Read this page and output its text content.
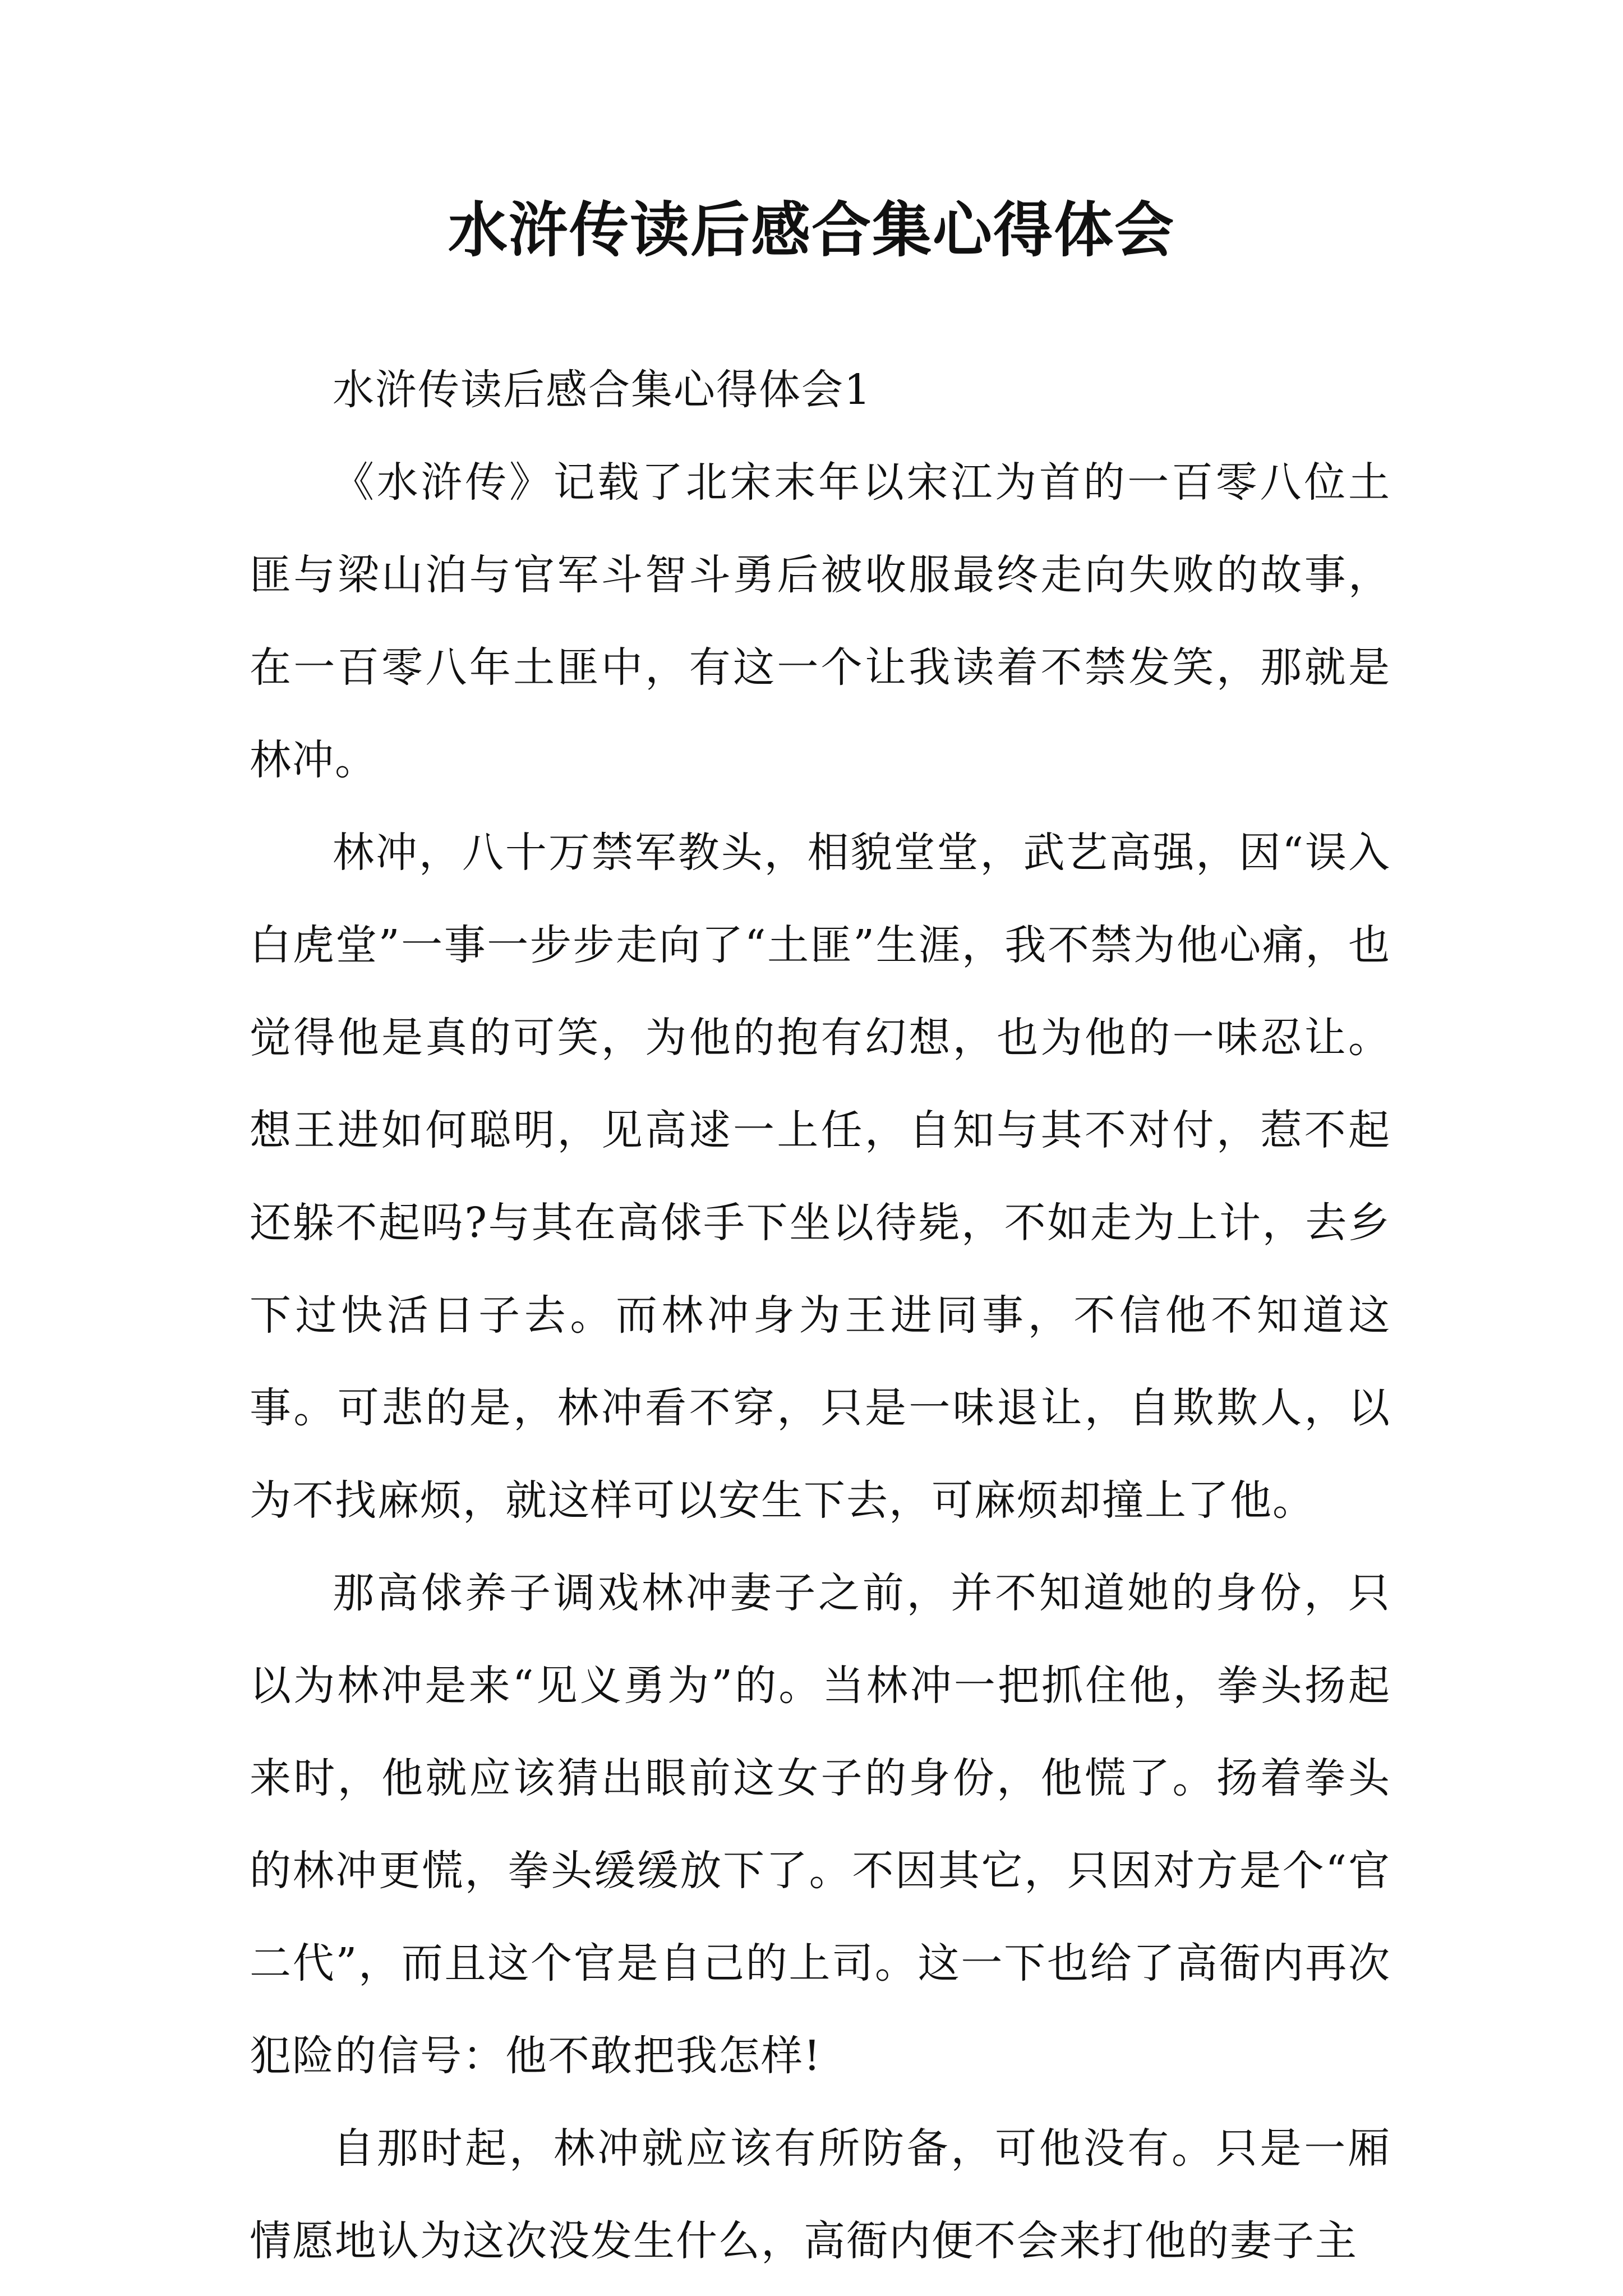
水浒传读后感合集心得体会

水浒传读后感合集心得体会1

《水浒传》记载了北宋末年以宋江为首的一百零八位土匪与梁山泊与官军斗智斗勇后被收服最终走向失败的故事，在一百零八年土匪中，有这一个让我读着不禁发笑，那就是林冲。

林冲，八十万禁军教头，相貌堂堂，武艺高强，因“误入白虎堂”一事一步步走向了“土匪”生涯，我不禁为他心痛，也觉得他是真的可笑，为他的抱有幻想，也为他的一味忍让。想王进如何聪明，见高逑一上任，自知与其不对付，惹不起还躲不起吗?与其在高俅手下坐以待毙，不如走为上计，去乡下过快活日子去。而林冲身为王进同事，不信他不知道这事。可悲的是，林冲看不穿，只是一味退让，自欺欺人，以为不找麻烦，就这样可以安生下去，可麻烦却撞上了他。

那高俅养子调戏林冲妻子之前，并不知道她的身份，只以为林冲是来“见义勇为”的。当林冲一把抓住他，拳头扬起来时，他就应该猜出眼前这女子的身份，他慌了。扬着拳头的林冲更慌，拳头缓缓放下了。不因其它，只因对方是个“官二代”，而且这个官是自己的上司。这一下也给了高衙内再次犯险的信号：他不敢把我怎样!

自那时起，林冲就应该有所防备，可他没有。只是一厢情愿地认为这次没发生什么，高衙内便不会来打他的妻子主
